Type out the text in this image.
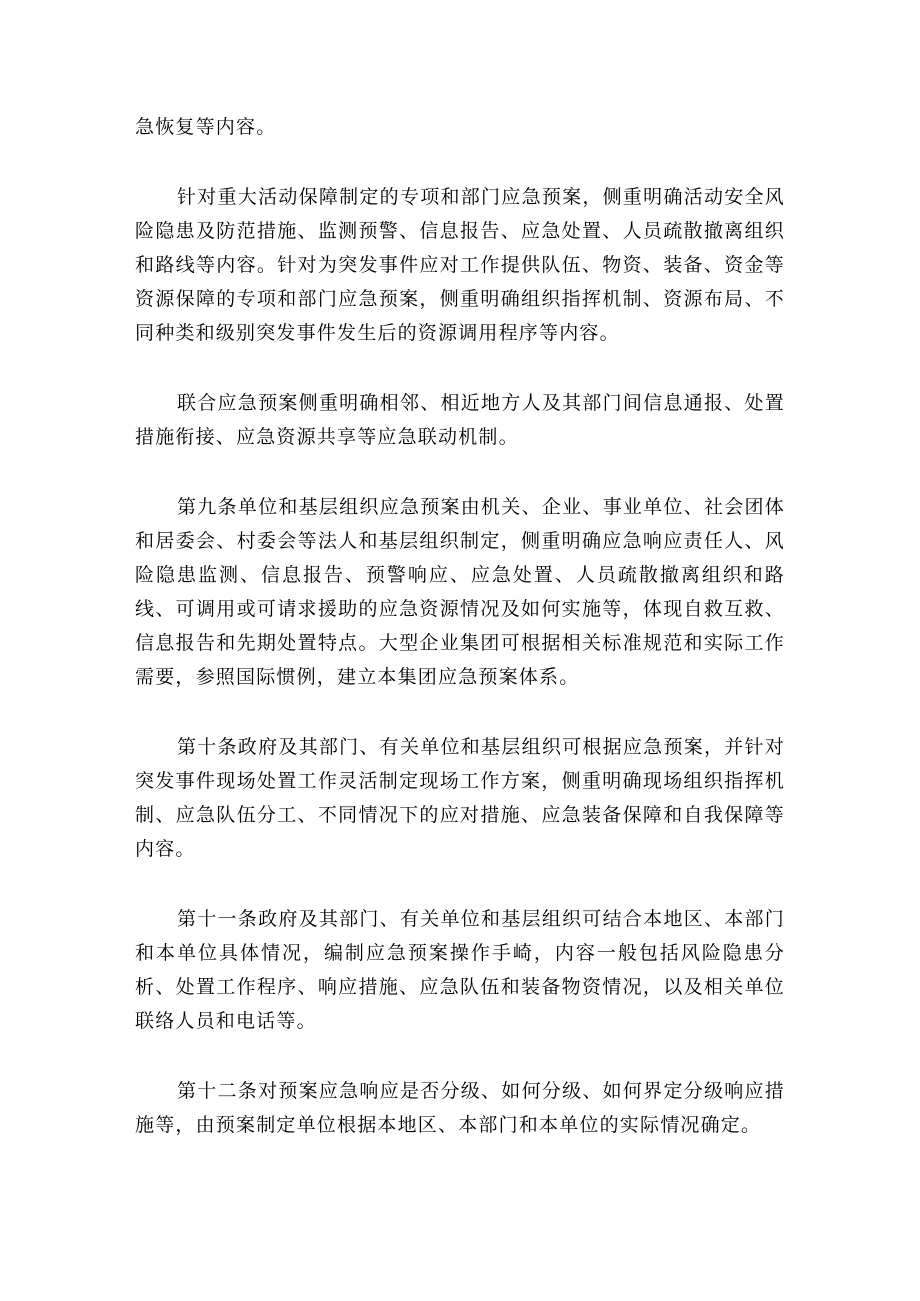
急恢复等内容。

针对重大活动保障制定的专项和部门应急预案，侧重明确活动安全风险隐患及防范措施、监测预警、信息报告、应急处置、人员疏散撤离组织和路线等内容。针对为突发事件应对工作提供队伍、物资、装备、资金等资源保障的专项和部门应急预案，侧重明确组织指挥机制、资源布局、不同种类和级别突发事件发生后的资源调用程序等内容。

联合应急预案侧重明确相邻、相近地方人及其部门间信息通报、处置措施衔接、应急资源共享等应急联动机制。

第九条单位和基层组织应急预案由机关、企业、事业单位、社会团体和居委会、村委会等法人和基层组织制定，侧重明确应急响应责任人、风险隐患监测、信息报告、预警响应、应急处置、人员疏散撤离组织和路线、可调用或可请求援助的应急资源情况及如何实施等，体现自救互救、信息报告和先期处置特点。大型企业集团可根据相关标准规范和实际工作需要，参照国际惯例，建立本集团应急预案体系。

第十条政府及其部门、有关单位和基层组织可根据应急预案，并针对突发事件现场处置工作灵活制定现场工作方案，侧重明确现场组织指挥机制、应急队伍分工、不同情况下的应对措施、应急装备保障和自我保障等内容。

第十一条政府及其部门、有关单位和基层组织可结合本地区、本部门和本单位具体情况，编制应急预案操作手崎，内容一般包括风险隐患分析、处置工作程序、响应措施、应急队伍和装备物资情况，以及相关单位联络人员和电话等。

第十二条对预案应急响应是否分级、如何分级、如何界定分级响应措施等，由预案制定单位根据本地区、本部门和本单位的实际情况确定。
